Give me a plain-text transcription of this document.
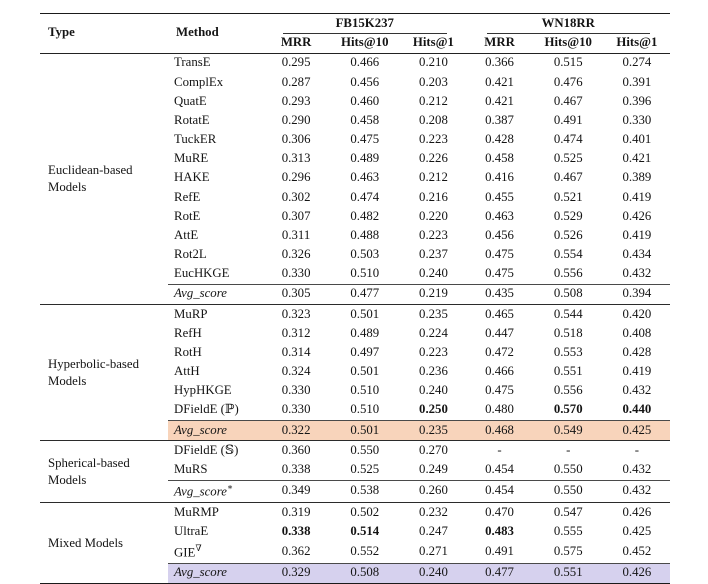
Type	Method	FB15K237			WN18RR		

		MRR	Hits@10	Hits@1	MRR	Hits@10	Hits@1
Euclidean-based Models	TransE	0.295	0.466	0.210	0.366	0.515	0.274
	ComplEx	0.287	0.456	0.203	0.421	0.476	0.391
	QuatE	0.293	0.460	0.212	0.421	0.467	0.396
	RotatE	0.290	0.458	0.208	0.387	0.491	0.330
	TuckER	0.306	0.475	0.223	0.428	0.474	0.401
	MuRE	0.313	0.489	0.226	0.458	0.525	0.421
	HAKE	0.296	0.463	0.212	0.416	0.467	0.389
	RefE	0.302	0.474	0.216	0.455	0.521	0.419
	RotE	0.307	0.482	0.220	0.463	0.529	0.426
	AttE	0.311	0.488	0.223	0.456	0.526	0.419
	Rot2L	0.326	0.503	0.237	0.475	0.554	0.434
	EucHKGE	0.330	0.510	0.240	0.475	0.556	0.432
	Avg_score	0.305	0.477	0.219	0.435	0.508	0.394
Hyperbolic-based Models	MuRP	0.323	0.501	0.235	0.465	0.544	0.420
	RefH	0.312	0.489	0.224	0.447	0.518	0.408
	RotH	0.314	0.497	0.223	0.472	0.553	0.428
	AttH	0.324	0.501	0.236	0.466	0.551	0.419
	HypHKGE	0.330	0.510	0.240	0.475	0.556	0.432
	DFieldE (ℙ)	0.330	0.510	0.250	0.480	0.570	0.440
	Avg_score	0.322	0.501	0.235	0.468	0.549	0.425
Spherical-based Models	DFieldE (𝕊)	0.360	0.550	0.270	-	-	-
	MuRS	0.338	0.525	0.249	0.454	0.550	0.432
	Avg_score∗	0.349	0.538	0.260	0.454	0.550	0.432
Mixed Models	MuRMP	0.319	0.502	0.232	0.470	0.547	0.426
	UltraE	0.338	0.514	0.247	0.483	0.555	0.425
	GIE∇	0.362	0.552	0.271	0.491	0.575	0.452
	Avg_score	0.329	0.508	0.240	0.477	0.551	0.426
